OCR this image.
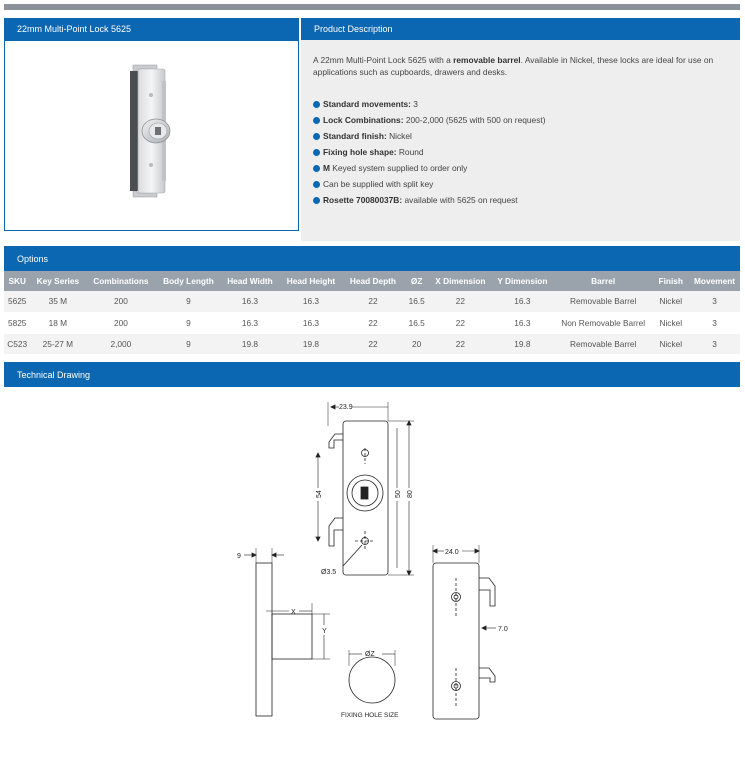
22mm Multi-Point Lock 5625	Product Description

A 22mm Multi-Point Lock 5625 with a removable barrel. Available in Nickel, these locks are ideal for use on applications such as cupboards, drawers and desks.

Standard movements: 3
Lock Combinations: 200-2,000 (5625 with 500 on request)
Standard finish: Nickel
Fixing hole shape: Round
M Keyed system supplied to order only
Can be supplied with split key
Rosette 70080037B: available with 5625 on request
Options
SKU	Key Series	Combinations	Body Length	Head Width	Head Height	Head Depth	ØZ	X Dimension	Y Dimension	Barrel	Finish	Movement
5625	35 M	200	9	16.3	16.3	22	16.5	22	16.3	Removable Barrel	Nickel	3
5825	18 M	200	9	16.3	16.3	22	16.5	22	16.3	Non Removable Barrel	Nickel	3
C523	25-27 M	2,000	9	19.8	19.8	22	20	22	19.8	Removable Barrel	Nickel	3
Technical Drawing
23.9
54	50 80
Ø3.5
9
X
Y
24.0
7.0
ØZ
FIXING HOLE SIZE
